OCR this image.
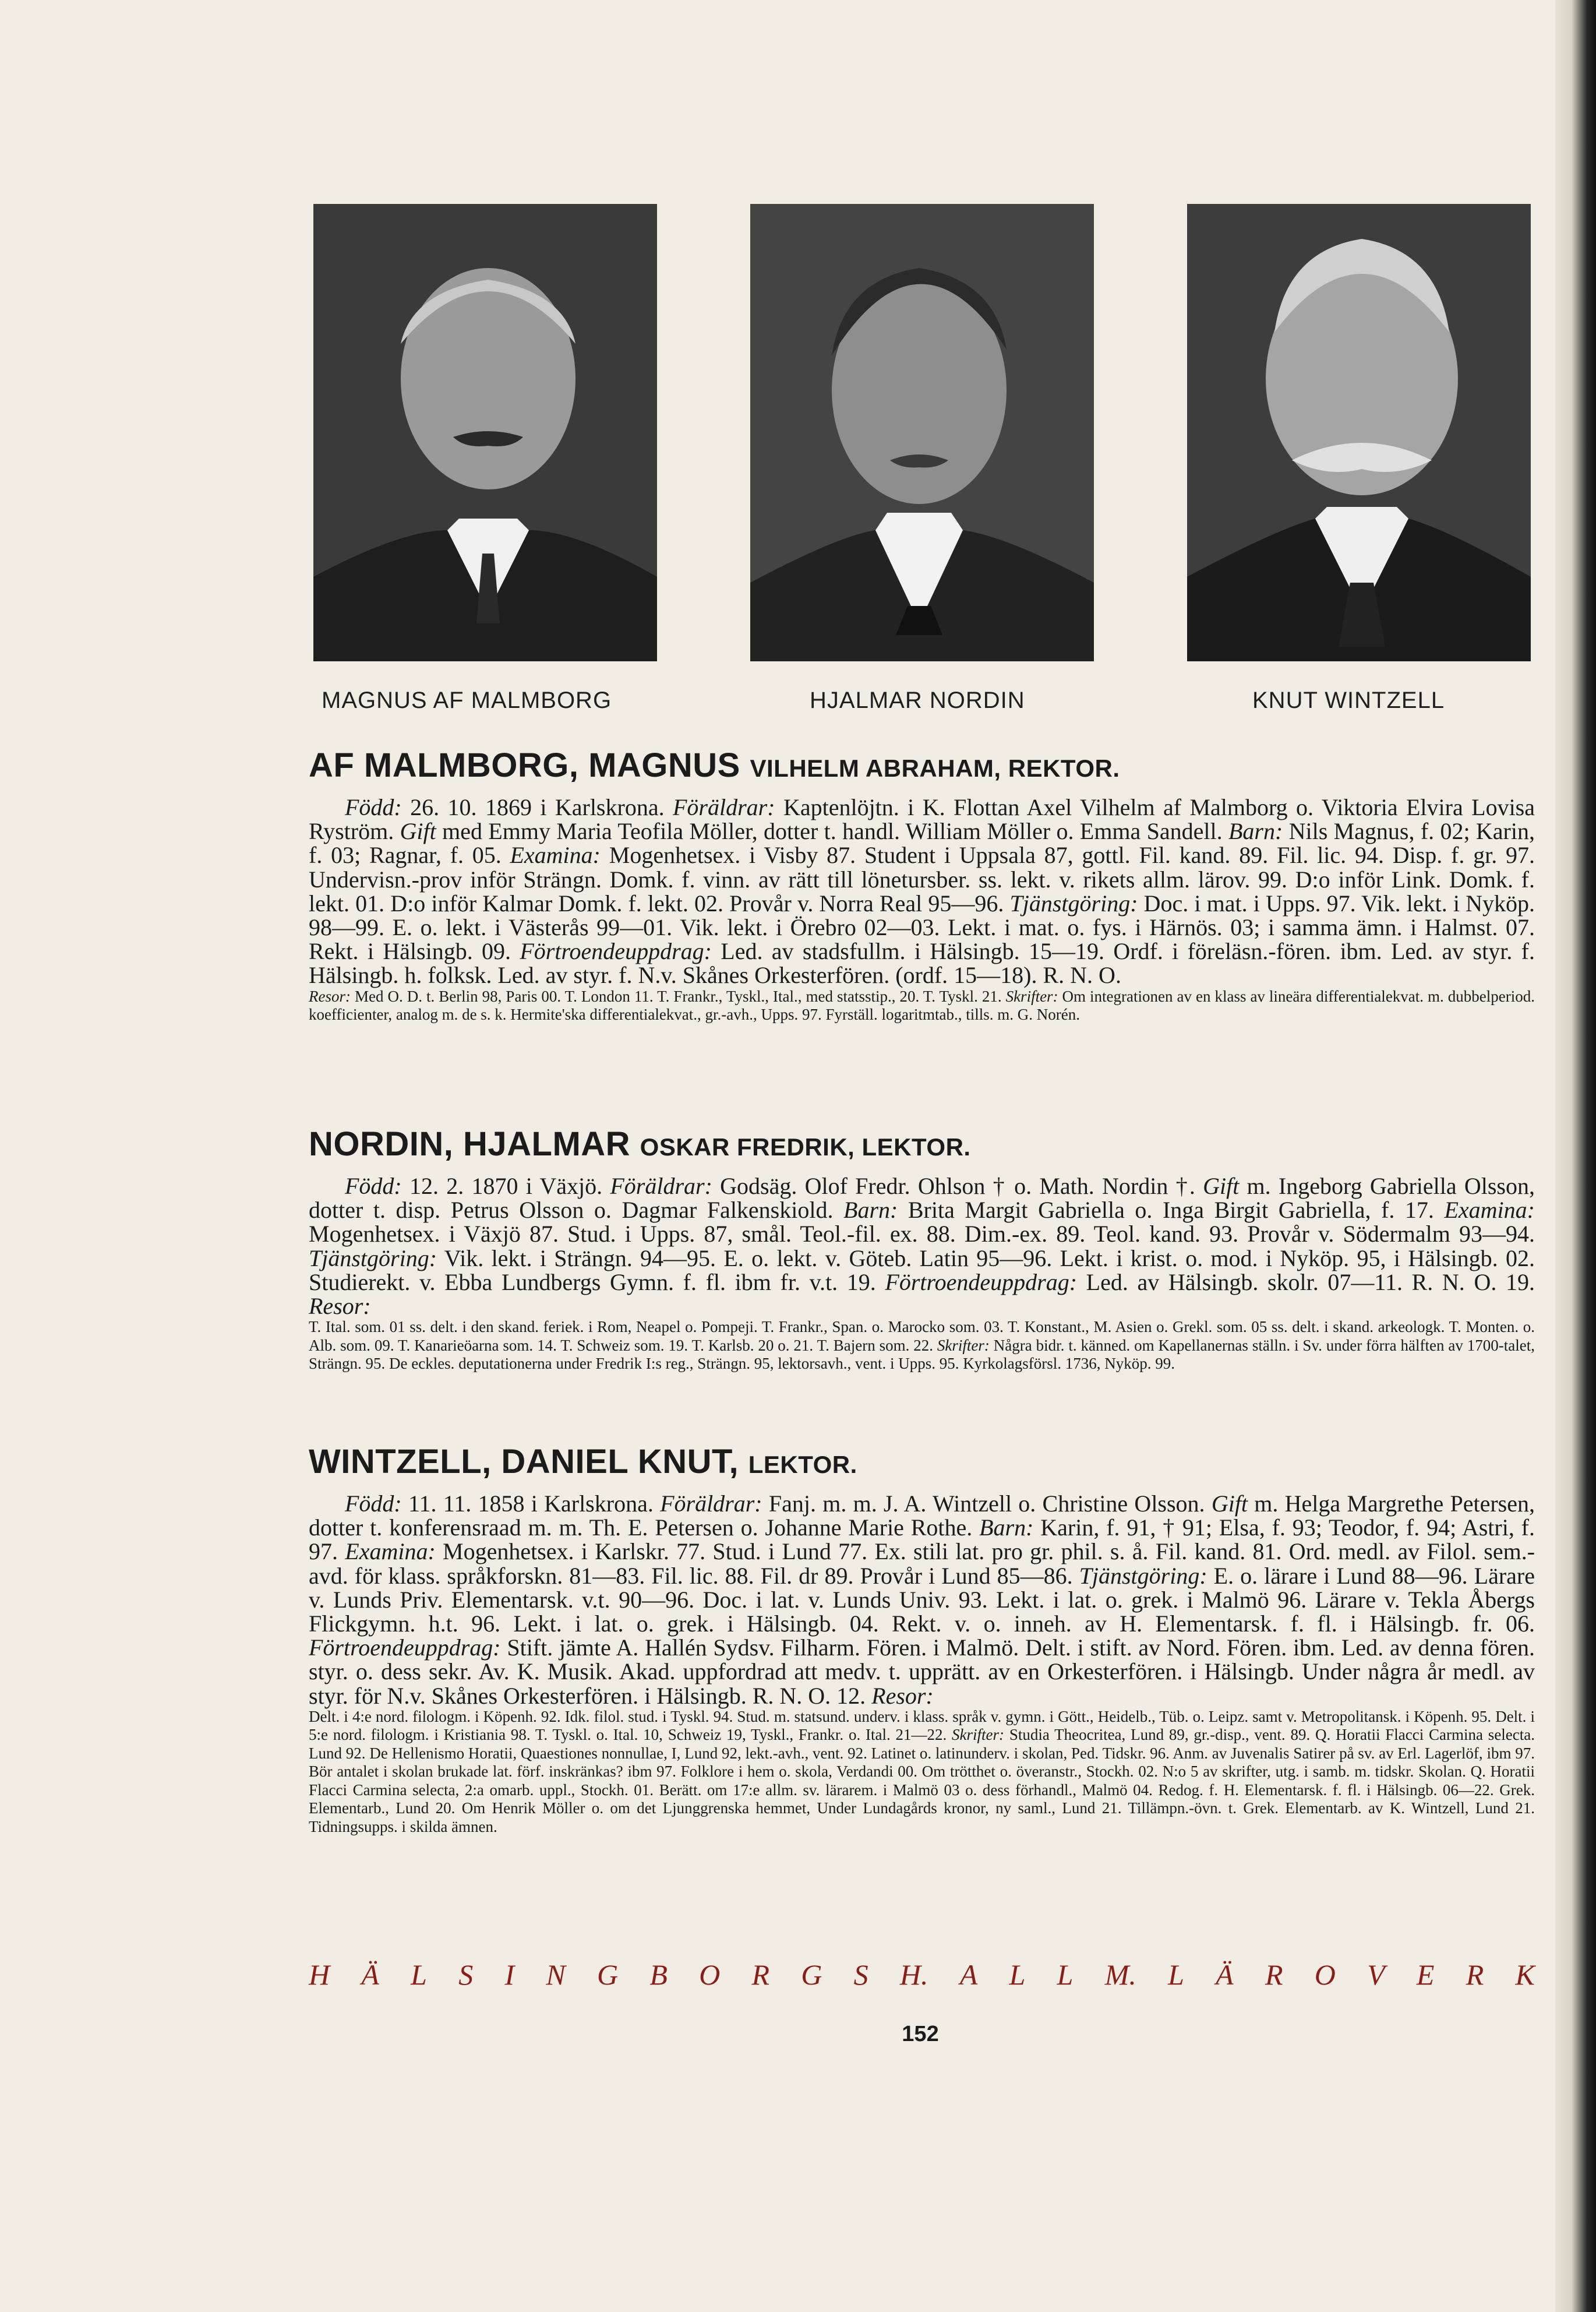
MAGNUS AF MALMBORG	HJALMAR NORDIN	KNUT WINTZELL
AF MALMBORG, MAGNUS VILHELM ABRAHAM, REKTOR.

Född: 26. 10. 1869 i Karlskrona. Föräldrar: Kaptenlöjtn. i K. Flottan Axel Vilhelm af Malmborg o. Viktoria Elvira Lovisa Ryström. Gift med Emmy Maria Teofila Möller, dotter t. handl. William Möller o. Emma Sandell. Barn: Nils Magnus, f. 02; Karin, f. 03; Ragnar, f. 05. Examina: Mogenhetsex. i Visby 87. Student i Uppsala 87, gottl. Fil. kand. 89. Fil. lic. 94. Disp. f. gr. 97. Undervisn.-prov inför Strängn. Domk. f. vinn. av rätt till lönetursber. ss. lekt. v. rikets allm. lärov. 99. D:o inför Link. Domk. f. lekt. 01. D:o inför Kalmar Domk. f. lekt. 02. Provår v. Norra Real 95—96. Tjänstgöring: Doc. i mat. i Upps. 97. Vik. lekt. i Nyköp. 98—99. E. o. lekt. i Västerås 99—01. Vik. lekt. i Örebro 02—03. Lekt. i mat. o. fys. i Härnös. 03; i samma ämn. i Halmst. 07. Rekt. i Hälsingb. 09. Förtroendeuppdrag: Led. av stadsfullm. i Hälsingb. 15—19. Ordf. i föreläsn.-fören. ibm. Led. av styr. f. Hälsingb. h. folksk. Led. av styr. f. N.v. Skånes Orkesterfören. (ordf. 15—18). R. N. O.

Resor: Med O. D. t. Berlin 98, Paris 00. T. London 11. T. Frankr., Tyskl., Ital., med statsstip., 20. T. Tyskl. 21. Skrifter: Om integrationen av en klass av lineära differentialekvat. m. dubbelperiod. koefficienter, analog m. de s. k. Hermite'ska differentialekvat., gr.-avh., Upps. 97. Fyrställ. logaritmtab., tills. m. G. Norén.

NORDIN, HJALMAR OSKAR FREDRIK, LEKTOR.

Född: 12. 2. 1870 i Växjö. Föräldrar: Godsäg. Olof Fredr. Ohlson † o. Math. Nordin †. Gift m. Ingeborg Gabriella Olsson, dotter t. disp. Petrus Olsson o. Dagmar Falkenskiold. Barn: Brita Margit Gabriella o. Inga Birgit Gabriella, f. 17. Examina: Mogenhetsex. i Växjö 87. Stud. i Upps. 87, smål. Teol.-fil. ex. 88. Dim.-ex. 89. Teol. kand. 93. Provår v. Södermalm 93—94. Tjänstgöring: Vik. lekt. i Strängn. 94—95. E. o. lekt. v. Göteb. Latin 95—96. Lekt. i krist. o. mod. i Nyköp. 95, i Hälsingb. 02. Studierekt. v. Ebba Lundbergs Gymn. f. fl. ibm fr. v.t. 19. Förtroendeuppdrag: Led. av Hälsingb. skolr. 07—11. R. N. O. 19. Resor:

T. Ital. som. 01 ss. delt. i den skand. feriek. i Rom, Neapel o. Pompeji. T. Frankr., Span. o. Marocko som. 03. T. Konstant., M. Asien o. Grekl. som. 05 ss. delt. i skand. arkeologk. T. Monten. o. Alb. som. 09. T. Kanarieöarna som. 14. T. Schweiz som. 19. T. Karlsb. 20 o. 21. T. Bajern som. 22. Skrifter: Några bidr. t. känned. om Kapellanernas ställn. i Sv. under förra hälften av 1700-talet, Strängn. 95. De eckles. deputationerna under Fredrik I:s reg., Strängn. 95, lektorsavh., vent. i Upps. 95. Kyrkolagsförsl. 1736, Nyköp. 99.

WINTZELL, DANIEL KNUT, LEKTOR.

Född: 11. 11. 1858 i Karlskrona. Föräldrar: Fanj. m. m. J. A. Wintzell o. Christine Olsson. Gift m. Helga Margrethe Petersen, dotter t. konferensraad m. m. Th. E. Petersen o. Johanne Marie Rothe. Barn: Karin, f. 91, † 91; Elsa, f. 93; Teodor, f. 94; Astri, f. 97. Examina: Mogenhetsex. i Karlskr. 77. Stud. i Lund 77. Ex. stili lat. pro gr. phil. s. å. Fil. kand. 81. Ord. medl. av Filol. sem.-avd. för klass. språkforskn. 81—83. Fil. lic. 88. Fil. dr 89. Provår i Lund 85—86. Tjänstgöring: E. o. lärare i Lund 88—96. Lärare v. Lunds Priv. Elementarsk. v.t. 90—96. Doc. i lat. v. Lunds Univ. 93. Lekt. i lat. o. grek. i Malmö 96. Lärare v. Tekla Åbergs Flickgymn. h.t. 96. Lekt. i lat. o. grek. i Hälsingb. 04. Rekt. v. o. inneh. av H. Elementarsk. f. fl. i Hälsingb. fr. 06. Förtroendeuppdrag: Stift. jämte A. Hallén Sydsv. Filharm. Fören. i Malmö. Delt. i stift. av Nord. Fören. ibm. Led. av denna fören. styr. o. dess sekr. Av. K. Musik. Akad. uppfordrad att medv. t. upprätt. av en Orkesterfören. i Hälsingb. Under några år medl. av styr. för N.v. Skånes Orkesterfören. i Hälsingb. R. N. O. 12. Resor:

Delt. i 4:e nord. filologm. i Köpenh. 92. Idk. filol. stud. i Tyskl. 94. Stud. m. statsund. underv. i klass. språk v. gymn. i Gött., Heidelb., Tüb. o. Leipz. samt v. Metropolitansk. i Köpenh. 95. Delt. i 5:e nord. filologm. i Kristiania 98. T. Tyskl. o. Ital. 10, Schweiz 19, Tyskl., Frankr. o. Ital. 21—22. Skrifter: Studia Theocritea, Lund 89, gr.-disp., vent. 89. Q. Horatii Flacci Carmina selecta. Lund 92. De Hellenismo Horatii, Quaestiones nonnullae, I, Lund 92, lekt.-avh., vent. 92. Latinet o. latinunderv. i skolan, Ped. Tidskr. 96. Anm. av Juvenalis Satirer på sv. av Erl. Lagerlöf, ibm 97. Bör antalet i skolan brukade lat. förf. inskränkas? ibm 97. Folklore i hem o. skola, Verdandi 00. Om trötthet o. överanstr., Stockh. 02. N:o 5 av skrifter, utg. i samb. m. tidskr. Skolan. Q. Horatii Flacci Carmina selecta, 2:a omarb. uppl., Stockh. 01. Berätt. om 17:e allm. sv. lärarem. i Malmö 03 o. dess förhandl., Malmö 04. Redog. f. H. Elementarsk. f. fl. i Hälsingb. 06—22. Grek. Elementarb., Lund 20. Om Henrik Möller o. om det Ljunggrenska hemmet, Under Lundagårds kronor, ny saml., Lund 21. Tillämpn.-övn. t. Grek. Elementarb. av K. Wintzell, Lund 21. Tidningsupps. i skilda ämnen.

H Ä L S I N G B O R G S H. A L L M. L Ä R O V E R K
152
